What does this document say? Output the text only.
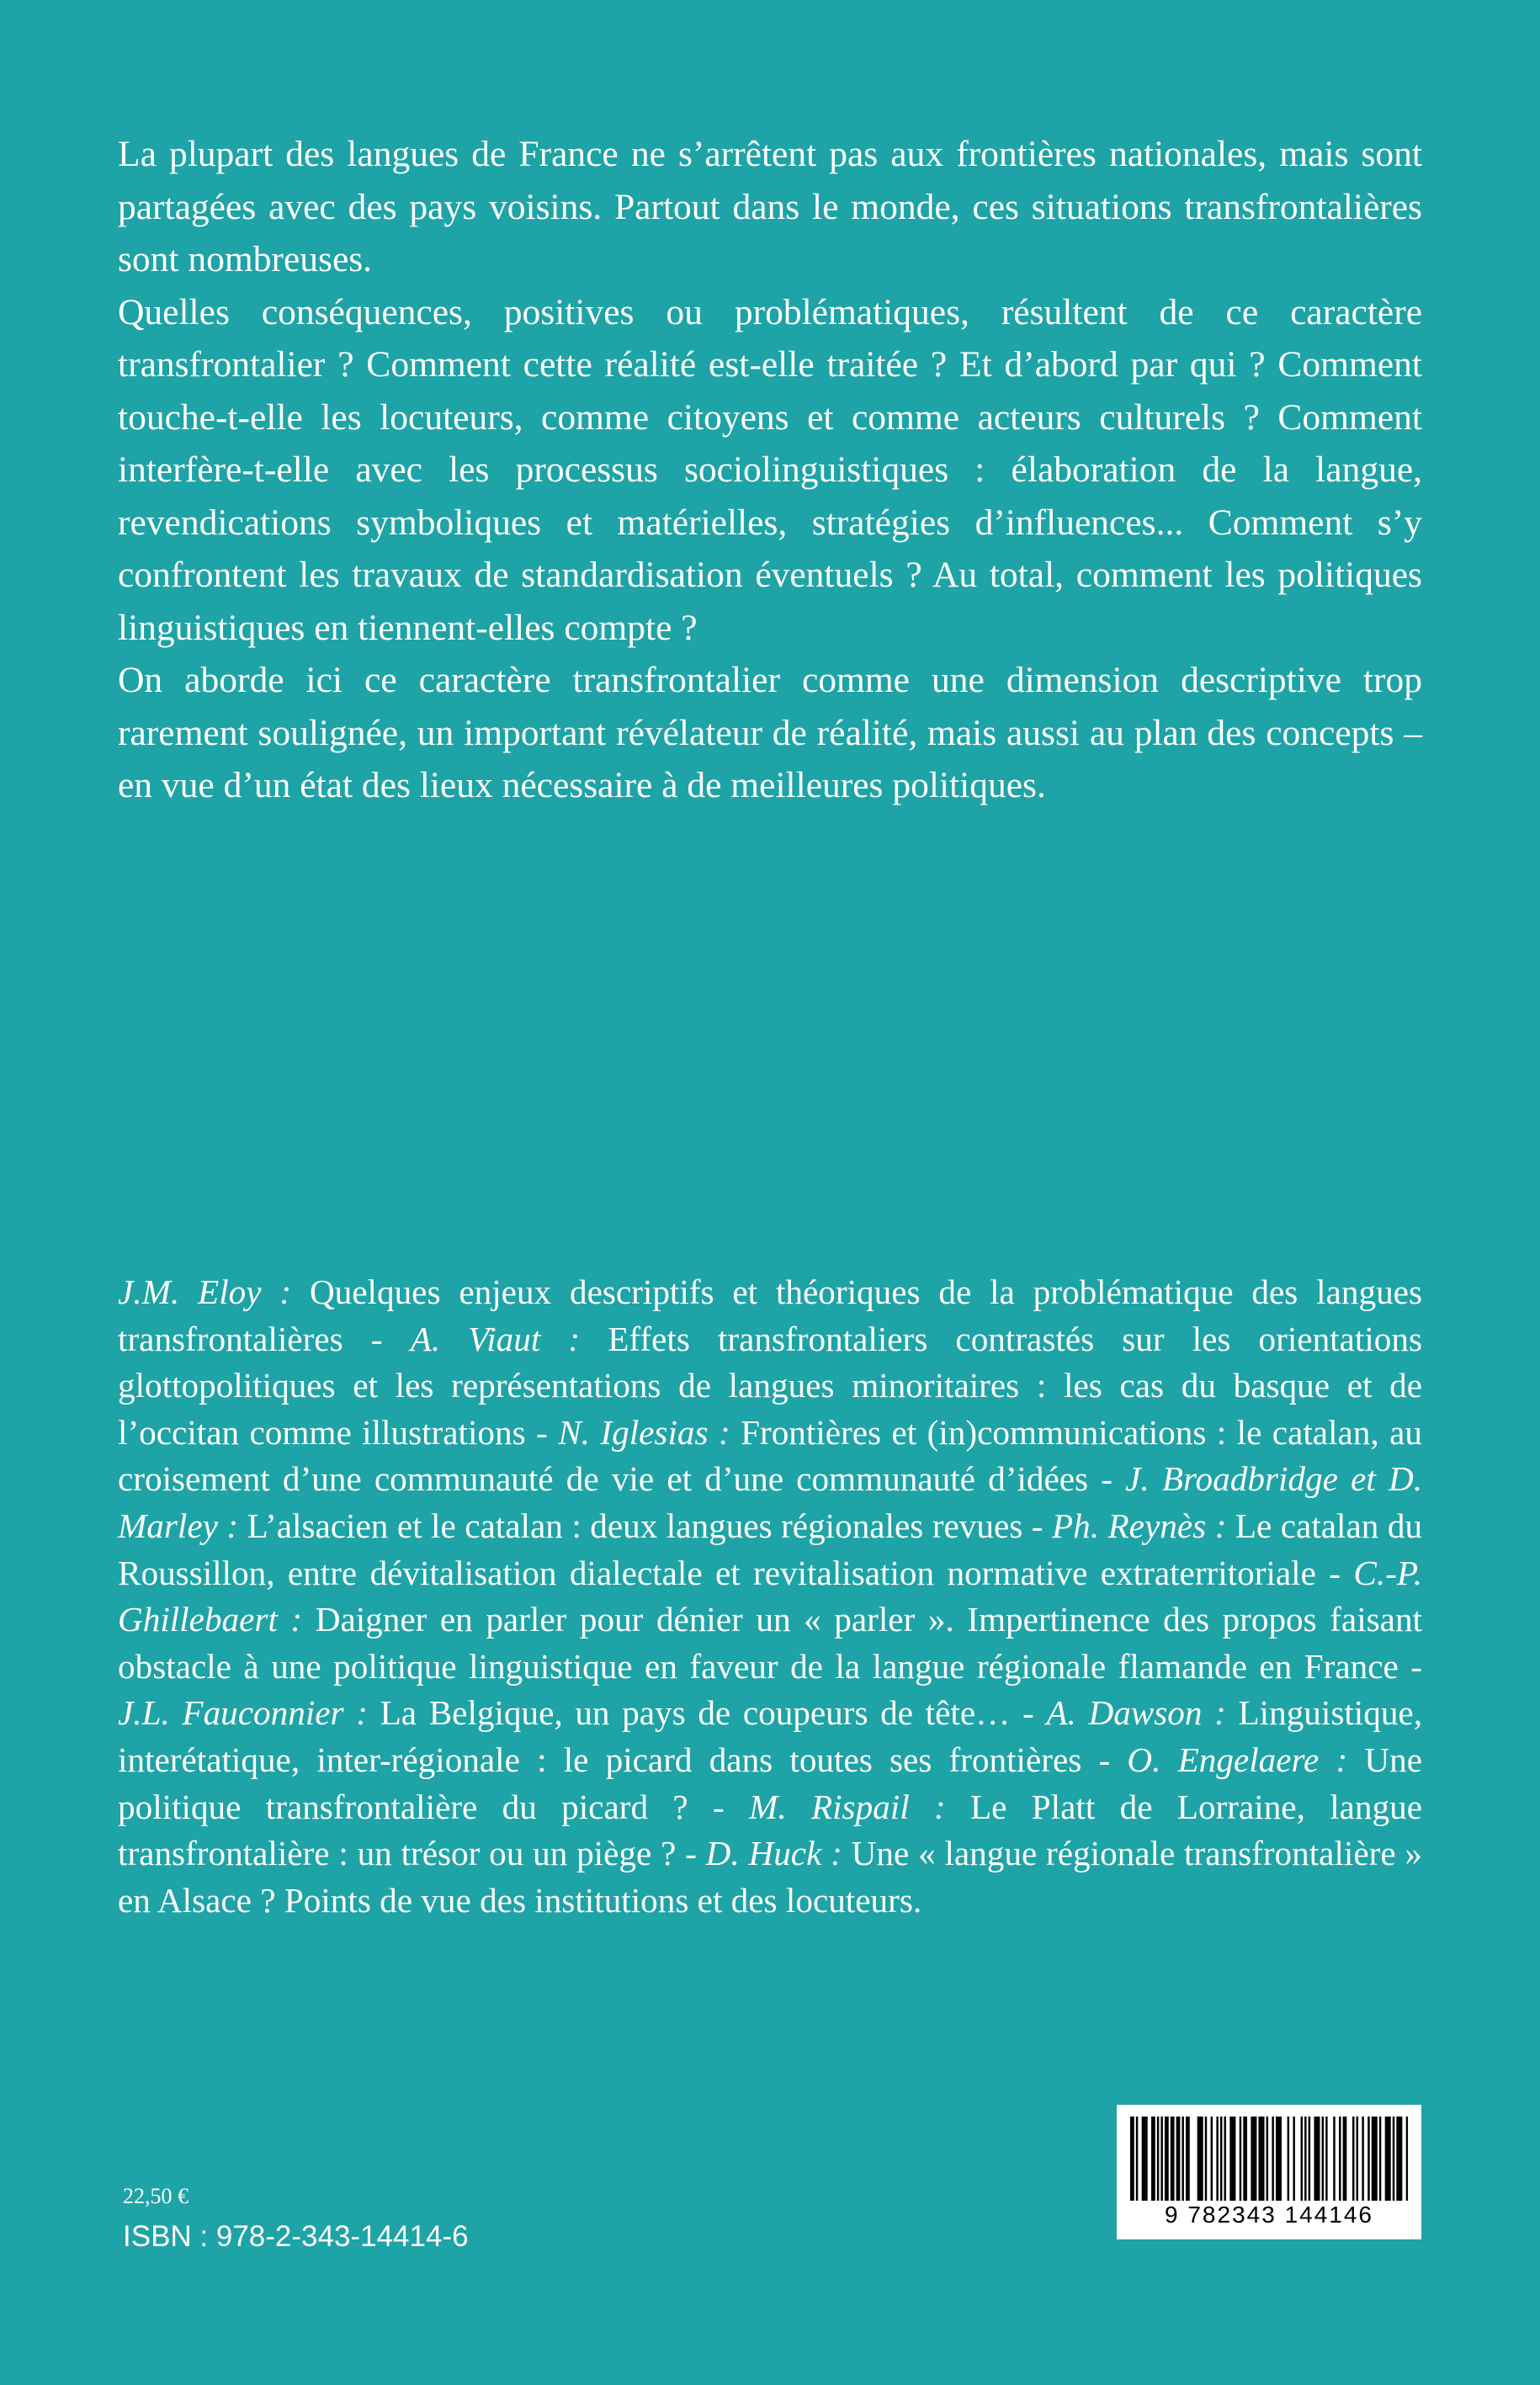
La plupart des langues de France ne s’arrêtent pas aux frontières nationales, mais sont partagées avec des pays voisins. Partout dans le monde, ces situations transfrontalières sont nombreuses.

Quelles conséquences, positives ou problématiques, résultent de ce caractère transfrontalier ? Comment cette réalité est-elle traitée ? Et d’abord par qui ? Comment touche-t-elle les locuteurs, comme citoyens et comme acteurs culturels ? Comment interfère-t-elle avec les processus sociolinguistiques : élaboration de la langue, revendications symboliques et matérielles, stratégies d’influences... Comment s’y confrontent les travaux de standardisation éventuels ? Au total, comment les politiques linguistiques en tiennent-elles compte ?

On aborde ici ce caractère transfrontalier comme une dimension descriptive trop rarement soulignée, un important révélateur de réalité, mais aussi au plan des concepts – en vue d’un état des lieux nécessaire à de meilleures politiques.

J.M. Eloy : Quelques enjeux descriptifs et théoriques de la problématique des langues transfrontalières - A. Viaut : Effets transfrontaliers contrastés sur les orientations glottopolitiques et les représentations de langues minoritaires : les cas du basque et de l’occitan comme illustrations - N. Iglesias : Frontières et (in)communications : le catalan, au croisement d’une communauté de vie et d’une communauté d’idées - J. Broadbridge et D. Marley : L’alsacien et le catalan : deux langues régionales revues - Ph. Reynès : Le catalan du Roussillon, entre dévitalisation dialectale et revitalisation normative extraterritoriale - C.-P. Ghillebaert : Daigner en parler pour dénier un « parler ». Impertinence des propos faisant obstacle à une politique linguistique en faveur de la langue régionale flamande en France - J.L. Fauconnier : La Belgique, un pays de coupeurs de tête… - A. Dawson : Linguistique, interétatique, inter-régionale : le picard dans toutes ses frontières - O. Engelaere : Une politique transfrontalière du picard ? - M. Rispail : Le Platt de Lorraine, langue transfrontalière : un trésor ou un piège ? - D. Huck : Une « langue régionale transfrontalière » en Alsace ? Points de vue des institutions et des locuteurs.
9 782343 144146
22,50 €
ISBN : 978-2-343-14414-6
